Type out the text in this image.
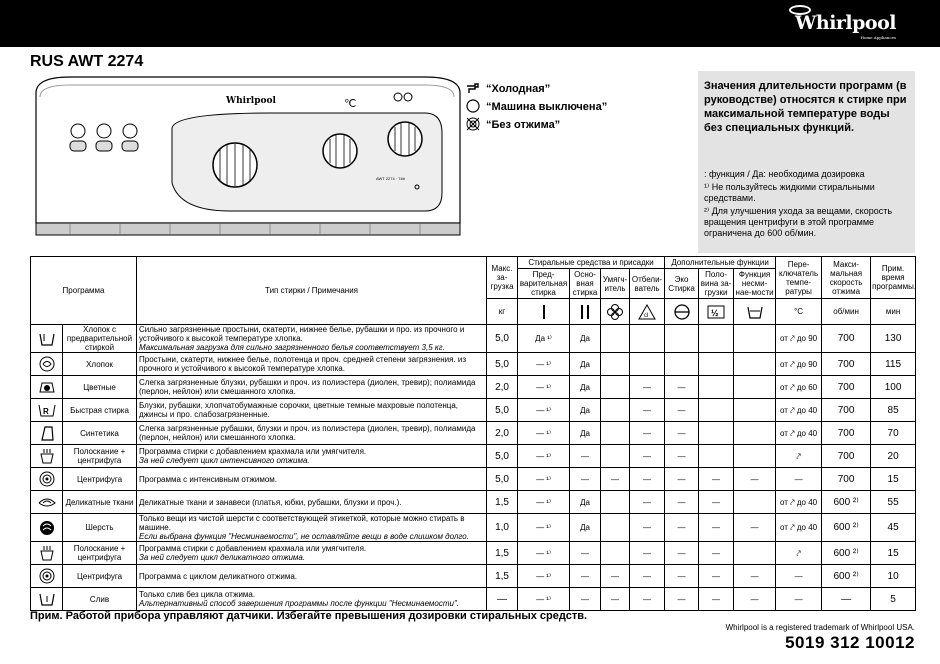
Whirlpool
Home Appliances
RUS AWT 2274
Whirlpool	℃
AWT 2274 · 7##
“Холодная”
“Машина выключена”
“Без отжима”
Значения длительности программ (в руководстве) относятся к стирке при максимальной температуре воды без специальных функций.

: функция / Да: необходима дозировка

¹⁾ Не пользуйтесь жидкими стиральными средствами.

²⁾ Для улучшения ухода за вещами, скорость вращения центрифуги в этой программе ограничена до 600 об/мин.

Программа		Тип стирки / Примечания	Макс. за-грузка	Стиральные средства и присадки				Дополнительные функции			Пере-ключатель темпе-ратуры	Макси-мальная скорость отжима	Прим. время программы.
				Пред-варительная стирка	Осно-вная стирка	Умягч-итель	Отбели-ватель	Эко Стирка	Поло-вина за-грузки	Функция несми-нае-мости			
			кг				cl		½		°C	об/мин	мин

	Хлопок с предварительной стиркой	Сильно загрязненные простыни, скатерти, нижнее белье, рубашки и про. из прочного и устойчивого к высокой температуре хлопка.
Максимальная загрузка для сильно загрязненного белья соответствует 3,5 кг.	5,0	Да ¹⁾	Да						от ⤤ до 90	700	130

	Хлопок	Простыни, скатерти, нижнее белье, полотенца и проч. средней степени загрязнения. из прочного и устойчивого к высокой температуре хлопка.	5,0	— ¹⁾	Да						от ⤤ до 90	700	115

	Цветные	Слегка загрязненные блузки, рубашки и проч. из полиэстера (диолен, тревир); полиамида (перлон, нейлон) или смешанного хлопка.	2,0	— ¹⁾	Да		—	—			от ⤤ до 60	700	100

R	Быстрая стирка	Блузки, рубашки, хлопчатобумажные сорочки, цветные темные махровые полотенца, джинсы и про. слабозагрязненные.	5,0	— ¹⁾	Да		—	—			от ⤤ до 40	700	85

	Синтетика	Слегка загрязненные рубашки, блузки и проч. из полиэстера (диолен, тревир), полиамида (перлон, нейлон) или смешанного хлопка.	2,0	— ¹⁾	Да		—	—			от ⤤ до 40	700	70

	Полоскание + центрифуга	Программа стирки с добавлением крахмала или умягчителя.
За ней следует цикл интенсивного отжима.	5,0	— ¹⁾	—		—	—			⤤	700	20

	Центрифуга	Программа с интенсивным отжимом.	5,0	— ¹⁾	—	—	—	—	—	—	—	700	15

	Деликатные ткани	Деликатные ткани и занавеси (платья, юбки, рубашки, блузки и проч.).	1,5	— ¹⁾	Да		—	—	—		от ⤤ до 40	600 ²⁾	55

	Шерсть	Только вещи из чистой шерсти с соответствующей этикеткой, которые можно стирать в машине.
Если выбрана функция "Несминаемости", не оставляйте вещи в воде слишком долго.	1,0	— ¹⁾	Да		—	—	—	—	от ⤤ до 40	600 ²⁾	45

	Полоскание + центрифуга	Программа стирки с добавлением крахмала или умягчителя.
За ней следует цикл деликатного отжима.	1,5	— ¹⁾	—		—	—	—		⤤	600 ²⁾	15

	Центрифуга	Программа с циклом деликатного отжима.	1,5	— ¹⁾	—	—	—	—	—	—	—	600 ²⁾	10

	Слив	Только слив без цикла отжима.
Альтернативный способ завершения программы после функции "Несминаемости".	—	— ¹⁾	—	—	—	—	—	—	—	—	5
Прим. Работой прибора управляют датчики. Избегайте превышения дозировки стиральных средств.
Whirlpool is a registered trademark of Whirlpool USA.
5019 312 10012
